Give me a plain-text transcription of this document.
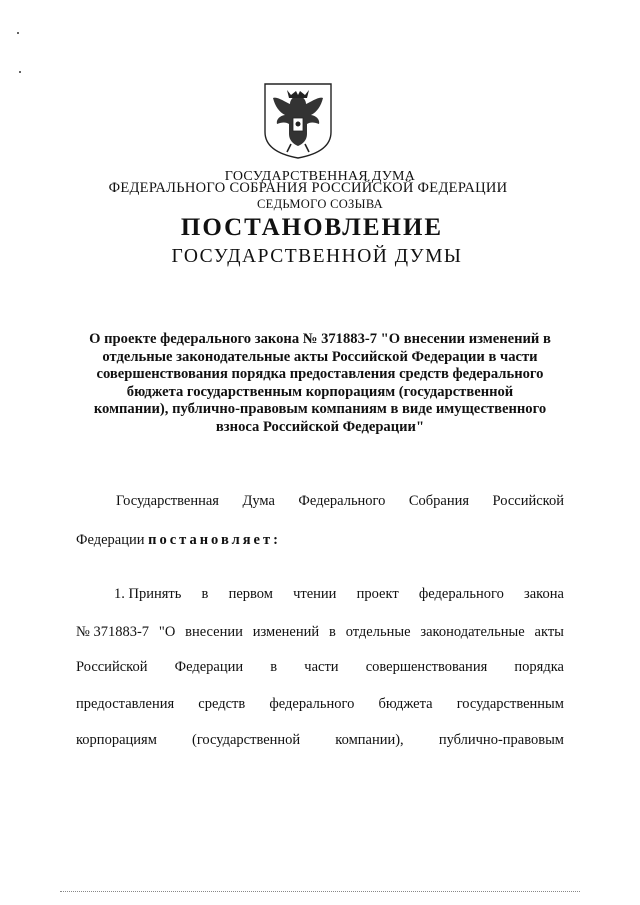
ГОСУДАРСТВЕННАЯ ДУМА
ФЕДЕРАЛЬНОГО СОБРАНИЯ РОССИЙСКОЙ ФЕДЕРАЦИИ
СЕДЬМОГО СОЗЫВА
ПОСТАНОВЛЕНИЕ
ГОСУДАРСТВЕННОЙ ДУМЫ
О проекте федерального закона № 371883-7 "О внесении изменений в
отдельные законодательные акты Российской Федерации в части
совершенствования порядка предоставления средств федерального
бюджета государственным корпорациям (государственной
компании), публично-правовым компаниям в виде имущественного
взноса Российской Федерации"
Государственная Дума Федерального Собрания Российской
Федерации
постановляет:
1. Принять в первом чтении проект федерального закона
№ 371883-7 "О внесении изменений в отдельные законодательные акты
Российской Федерации в части совершенствования порядка
предоставления средств федерального бюджета государственным
корпорациям (государственной компании), публично-правовым
